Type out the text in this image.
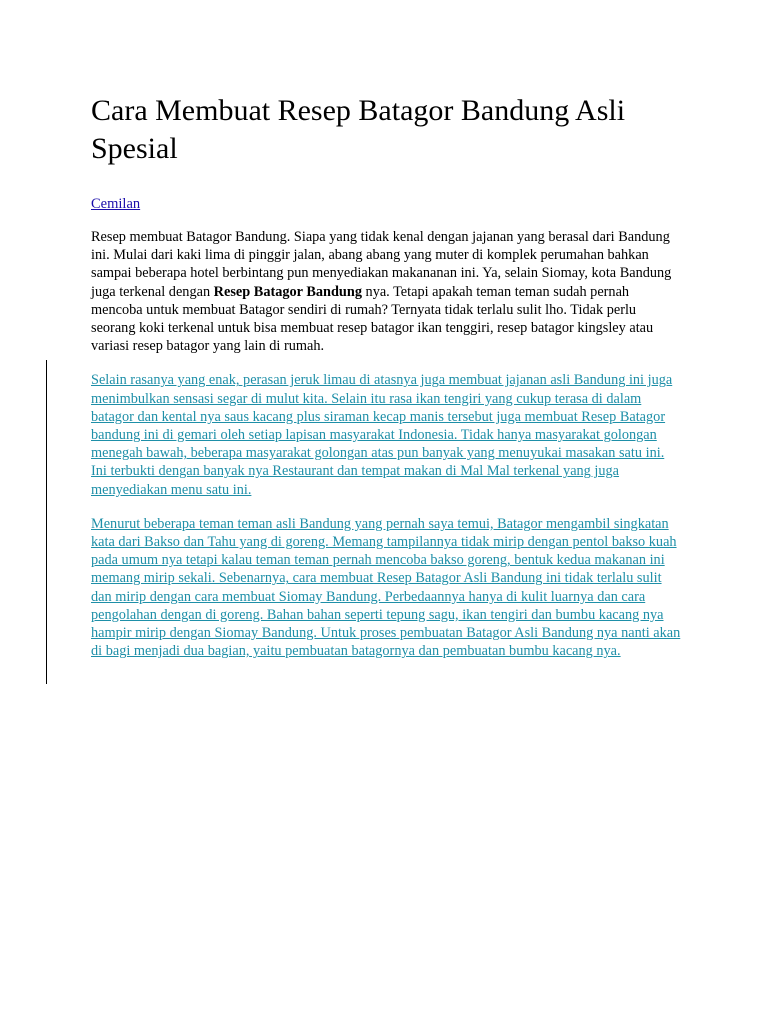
Cara Membuat Resep Batagor Bandung Asli Spesial
Cemilan

Resep membuat Batagor Bandung. Siapa yang tidak kenal dengan jajanan yang berasal dari Bandung ini. Mulai dari kaki lima di pinggir jalan, abang abang yang muter di komplek perumahan bahkan sampai beberapa hotel berbintang pun menyediakan makananan ini. Ya, selain Siomay, kota Bandung juga terkenal dengan Resep Batagor Bandung nya. Tetapi apakah teman teman sudah pernah mencoba untuk membuat Batagor sendiri di rumah? Ternyata tidak terlalu sulit lho. Tidak perlu seorang koki terkenal untuk bisa membuat resep batagor ikan tenggiri, resep batagor kingsley atau variasi resep batagor yang lain di rumah.

Selain rasanya yang enak, perasan jeruk limau di atasnya juga membuat jajanan asli Bandung ini juga menimbulkan sensasi segar di mulut kita. Selain itu rasa ikan tengiri yang cukup terasa di dalam batagor dan kental nya saus kacang plus siraman kecap manis tersebut juga membuat Resep Batagor bandung ini di gemari oleh setiap lapisan masyarakat Indonesia. Tidak hanya masyarakat golongan menegah bawah, beberapa masyarakat golongan atas pun banyak yang menuyukai masakan satu ini. Ini terbukti dengan banyak nya Restaurant dan tempat makan di Mal Mal terkenal yang juga menyediakan menu satu ini.

Menurut beberapa teman teman asli Bandung yang pernah saya temui, Batagor mengambil singkatan kata dari Bakso dan Tahu yang di goreng. Memang tampilannya tidak mirip dengan pentol bakso kuah pada umum nya tetapi kalau teman teman pernah mencoba bakso goreng, bentuk kedua makanan ini memang mirip sekali. Sebenarnya, cara membuat Resep Batagor Asli Bandung ini tidak terlalu sulit dan mirip dengan cara membuat Siomay Bandung. Perbedaannya hanya di kulit luarnya dan cara pengolahan dengan di goreng. Bahan bahan seperti tepung sagu, ikan tengiri dan bumbu kacang nya hampir mirip dengan Siomay Bandung. Untuk proses pembuatan Batagor Asli Bandung nya nanti akan di bagi menjadi dua bagian, yaitu pembuatan batagornya dan pembuatan bumbu kacang nya.
